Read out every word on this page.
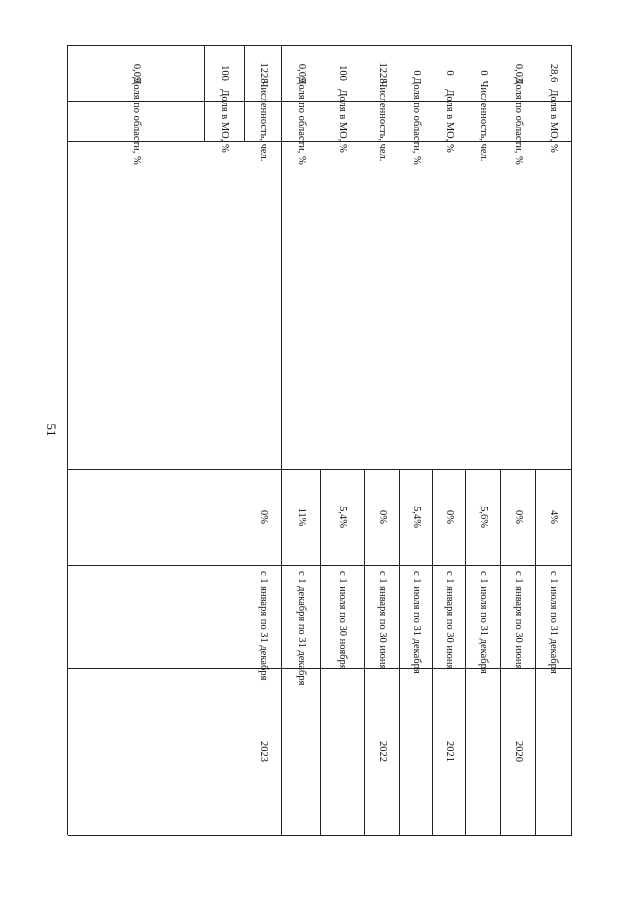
51
28,6
Доля в МО, %
4%
с 1 июля по 31 декабря
0,03
Доля по области, %
0%
с 1 января по 30 июня
2020
0
Численность, чел.
5,6%
с 1 июля по 31 декабря
0
Доля в МО, %
0%
с 1 января по 30 июня
2021
0
Доля по области, %
5,4%
с 1 июля по 31 декабря
1228
Численность, чел.
0%
с 1 января по 30 июня
2022
100
Доля в МО, %
5,4%
с 1 июля по 30 ноября
0,09
Доля по области, %
11%
с 1 декабря по 31 декабря
1228
Численность, чел.
0%
с 1 января по 31 декабря
2023
100
Доля в МО, %
0,09
Доля по области, %
